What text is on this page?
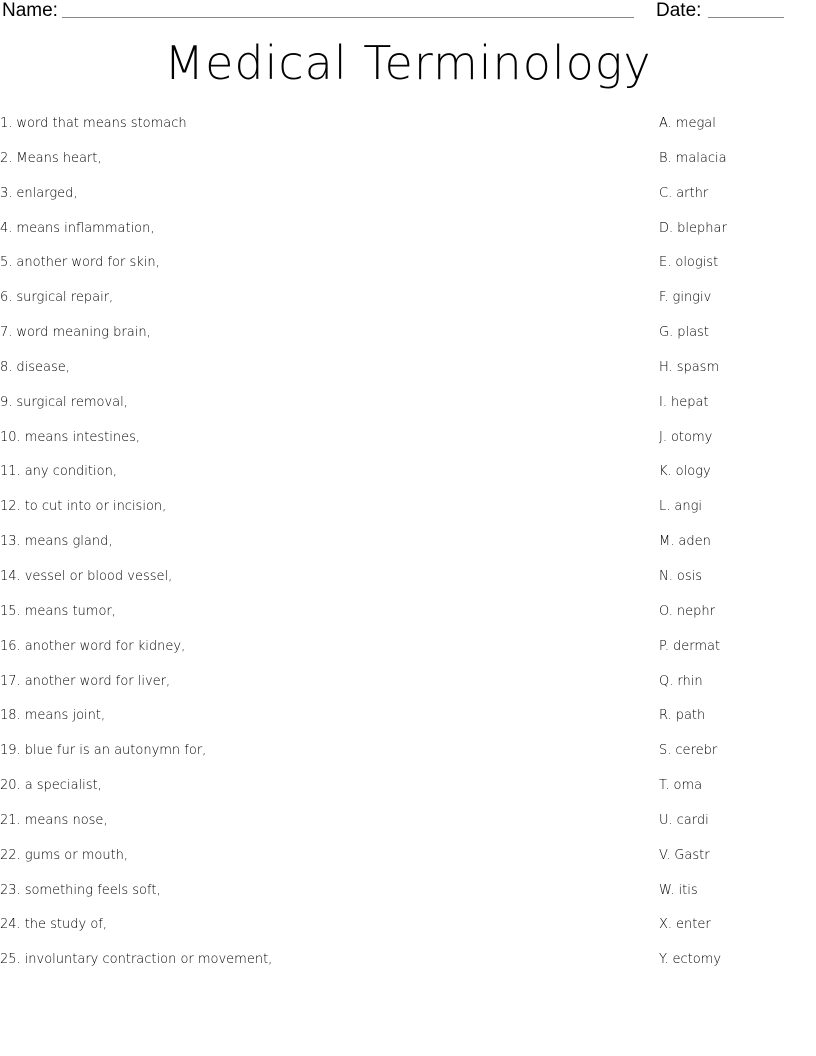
Name:	Date:
Medical Terminology
1. word that means stomach
2. Means heart,
3. enlarged,
4. means inflammation,
5. another word for skin,
6. surgical repair,
7. word meaning brain,
8. disease,
9. surgical removal,
10. means intestines,
11. any condition,
12. to cut into or incision,
13. means gland,
14. vessel or blood vessel,
15. means tumor,
16. another word for kidney,
17. another word for liver,
18. means joint,
19. blue fur is an autonymn for,
20. a specialist,
21. means nose,
22. gums or mouth,
23. something feels soft,
24. the study of,
25. involuntary contraction or movement,
A. megal
B. malacia
C. arthr
D. blephar
E. ologist
F. gingiv
G. plast
H. spasm
I. hepat
J. otomy
K. ology
L. angi
M. aden
N. osis
O. nephr
P. dermat
Q. rhin
R. path
S. cerebr
T. oma
U. cardi
V. Gastr
W. itis
X. enter
Y. ectomy
